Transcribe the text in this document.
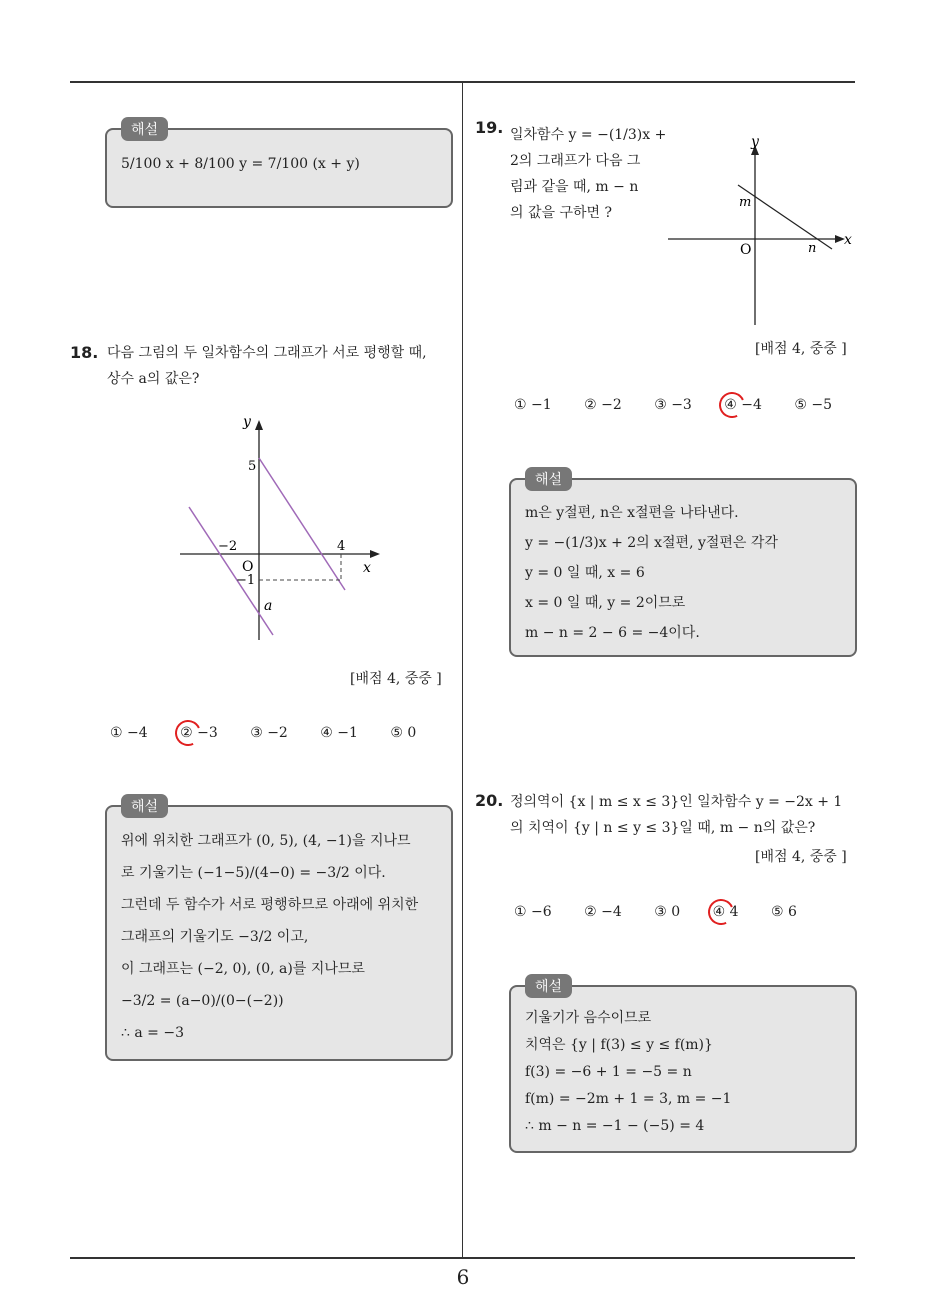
해설
5/100 x + 8/100 y = 7/100 (x + y)
18. 다음 그림의 두 일차함수의 그래프가 서로 평행할 때,
상수 a의 값은?
y
x
O
5
−2	4
−1
a
[배점 4, 중중 ]
① −4 ② −3 ③ −2 ④ −1 ⑤ 0
해설
위에 위치한 그래프가 (0, 5), (4, −1)을 지나므
로 기울기는 (−1−5)/(4−0) = −3/2 이다.
그런데 두 함수가 서로 평행하므로 아래에 위치한
그래프의 기울기도 −3/2 이고,
이 그래프는 (−2, 0), (0, a)를 지나므로
−3/2 = (a−0)/(0−(−2))
∴ a = −3
19. 일차함수 y = −(1/3)x +
2의 그래프가 다음 그
림과 같을 때, m − n
의 값을 구하면 ?
y
x
O
m
n
[배점 4, 중중 ]
① −1 ② −2 ③ −3 ④ −4 ⑤ −5
해설
m은 y절편, n은 x절편을 나타낸다.
y = −(1/3)x + 2의 x절편, y절편은 각각
y = 0 일 때, x = 6
x = 0 일 때, y = 2이므로
m − n = 2 − 6 = −4이다.
20. 정의역이 {x | m ≤ x ≤ 3}인 일차함수 y = −2x + 1
의 치역이 {y | n ≤ y ≤ 3}일 때, m − n의 값은?
[배점 4, 중중 ]
① −6 ② −4 ③ 0 ④ 4 ⑤ 6
해설
기울기가 음수이므로
치역은 {y | f(3) ≤ y ≤ f(m)}
f(3) = −6 + 1 = −5 = n
f(m) = −2m + 1 = 3, m = −1
∴ m − n = −1 − (−5) = 4
6
